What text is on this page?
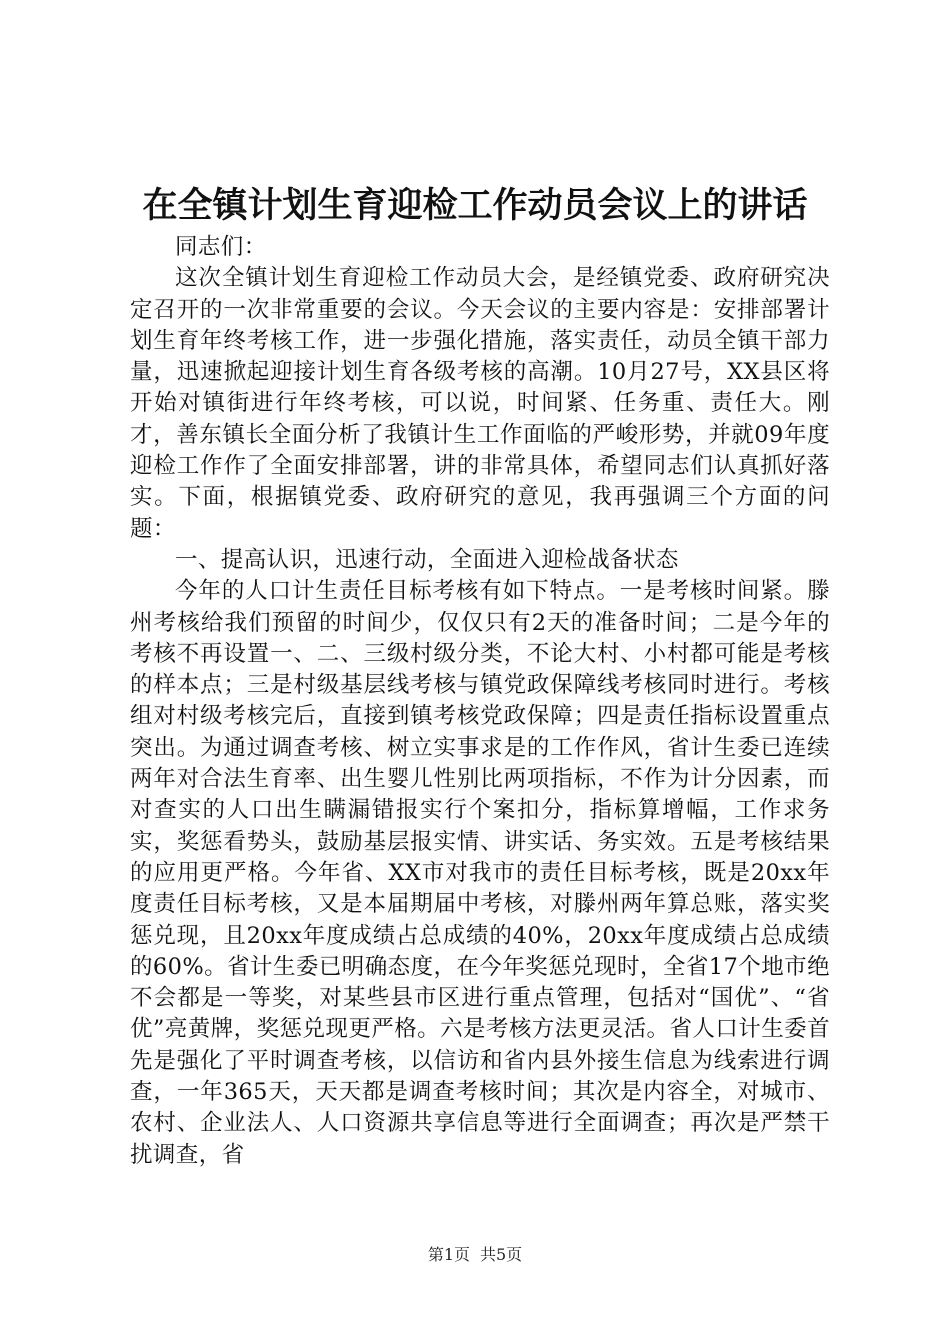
在全镇计划生育迎检工作动员会议上的讲话

同志们：

这次全镇计划生育迎检工作动员大会，是经镇党委、政府研究决定召开的一次非常重要的会议。今天会议的主要内容是：安排部署计划生育年终考核工作，进一步强化措施，落实责任，动员全镇干部力量，迅速掀起迎接计划生育各级考核的高潮。10月27号，XX县区将开始对镇街进行年终考核，可以说，时间紧、任务重、责任大。刚才，善东镇长全面分析了我镇计生工作面临的严峻形势，并就09年度迎检工作作了全面安排部署，讲的非常具体，希望同志们认真抓好落实。下面，根据镇党委、政府研究的意见，我再强调三个方面的问题：

一、提高认识，迅速行动，全面进入迎检战备状态

今年的人口计生责任目标考核有如下特点。一是考核时间紧。滕州考核给我们预留的时间少，仅仅只有2天的准备时间；二是今年的考核不再设置一、二、三级村级分类，不论大村、小村都可能是考核的样本点；三是村级基层线考核与镇党政保障线考核同时进行。考核组对村级考核完后，直接到镇考核党政保障；四是责任指标设置重点突出。为通过调查考核、树立实事求是的工作作风，省计生委已连续两年对合法生育率、出生婴儿性别比两项指标，不作为计分因素，而对查实的人口出生瞒漏错报实行个案扣分，指标算增幅，工作求务实，奖惩看势头，鼓励基层报实情、讲实话、务实效。五是考核结果的应用更严格。今年省、XX市对我市的责任目标考核，既是20xx年度责任目标考核，又是本届期届中考核，对滕州两年算总账，落实奖惩兑现，且20xx年度成绩占总成绩的40%，20xx年度成绩占总成绩的60%。省计生委已明确态度，在今年奖惩兑现时，全省17个地市绝不会都是一等奖，对某些县市区进行重点管理，包括对“国优”、“省优”亮黄牌，奖惩兑现更严格。六是考核方法更灵活。省人口计生委首先是强化了平时调查考核，以信访和省内县外接生信息为线索进行调查，一年365天，天天都是调查考核时间；其次是内容全，对城市、农村、企业法人、人口资源共享信息等进行全面调查；再次是严禁干扰调查，省

第1页 共5页
